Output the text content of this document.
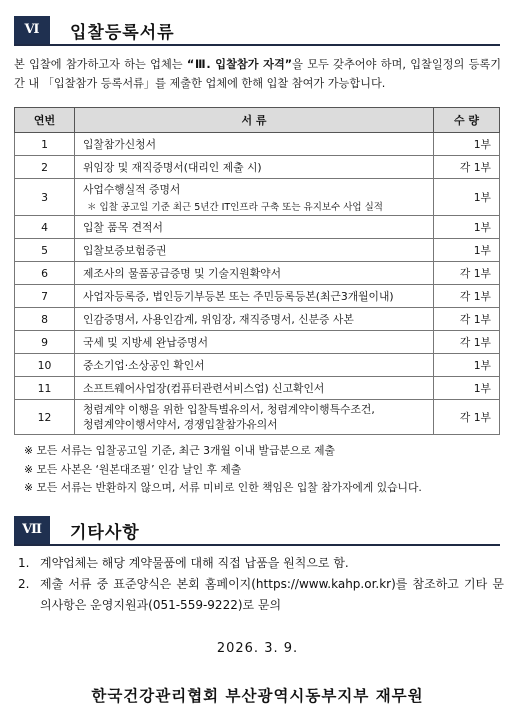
Ⅵ	입찰등록서류
본 입찰에 참가하고자 하는 업체는 “Ⅲ. 입찰참가 자격”을 모두 갖추어야 하며, 입찰일정의 등록기간 내 「입찰참가 등록서류」를 제출한 업체에 한해 입찰 참여가 가능합니다.
연번	서 류	수 량
1	입찰참가신청서	1부
2	위임장 및 재직증명서(대리인 제출 시)	각 1부
3	사업수행실적 증명서
＊ 입찰 공고일 기준 최근 5년간 IT인프라 구축 또는 유지보수 사업 실적	1부
4	입찰 품목 견적서	1부
5	입찰보증보험증권	1부
6	제조사의 물품공급증명 및 기술지원확약서	각 1부
7	사업자등록증, 법인등기부등본 또는 주민등록등본(최근3개월이내)	각 1부
8	인감증명서, 사용인감계, 위임장, 재직증명서, 신분증 사본	각 1부
9	국세 및 지방세 완납증명서	각 1부
10	중소기업·소상공인 확인서	1부
11	소프트웨어사업장(컴퓨터관련서비스업) 신고확인서	1부
12	청렴계약 이행을 위한 입찰특별유의서, 청렴계약이행특수조건,
청렴계약이행서약서, 경쟁입찰참가유의서	각 1부
※ 모든 서류는 입찰공고일 기준, 최근 3개월 이내 발급분으로 제출
※ 모든 사본은 ‘원본대조필’ 인감 날인 후 제출
※ 모든 서류는 반환하지 않으며, 서류 미비로 인한 책임은 입찰 참가자에게 있습니다.
Ⅶ	기타사항
1. 계약업체는 해당 계약물품에 대해 직접 납품을 원칙으로 함.
2. 제출 서류 중 표준양식은 본회 홈페이지(https://www.kahp.or.kr)를 참조하고 기타 문의사항은 운영지원과(051-559-9222)로 문의
2026. 3. 9.
한국건강관리협회 부산광역시동부지부 재무원
